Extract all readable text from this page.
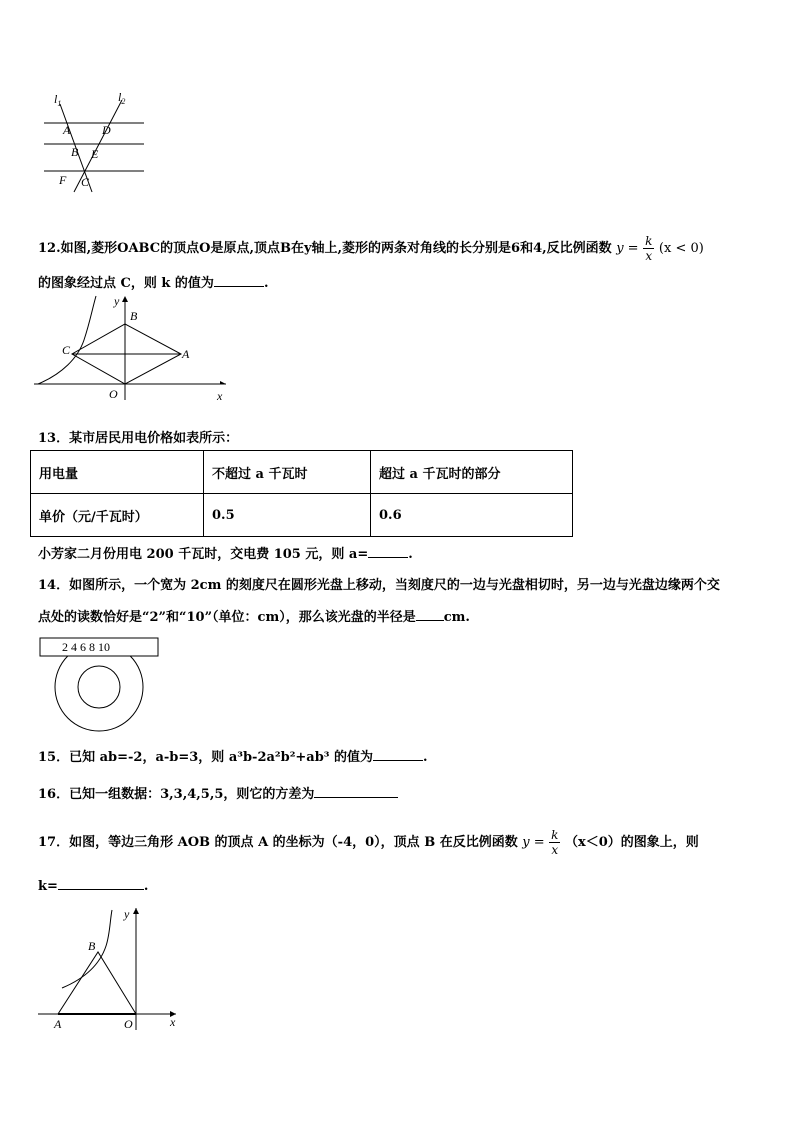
$l_1$	$l_2$
A	D
B E
F C
12.如图,菱形OABC的顶点O是原点,顶点B在y轴上,菱形的两条对角线的长分别是6和4,反比例函数 $y = \frac{k}{x} (x < 0)$
的图象经过点 C，则 k 的值为	.
y
x
B
C	A
O
13．某市居民用电价格如表所示：
用电量	不超过 a 千瓦时	超过 a 千瓦时的部分
单价（元/千瓦时）	0.5	0.6
小芳家二月份用电 200 千瓦时，交电费 105 元，则 a=	.
14．如图所示，一个宽为 2cm 的刻度尺在圆形光盘上移动，当刻度尺的一边与光盘相切时，另一边与光盘边缘两个交
点处的读数恰好是“2”和“10”（单位：cm），那么该光盘的半径是 cm.
2 4 6 8 10
15．已知 ab=-2，a-b=3，则 a³b-2a²b²+ab³ 的值为	.
16．已知一组数据：3,3,4,5,5，则它的方差为
17．如图，等边三角形 AOB 的顶点 A 的坐标为（-4，0），顶点 B 在反比例函数 $y = \frac{k}{x} (x<0)$的图象上，则
k=	.
y
x
B
A	O
